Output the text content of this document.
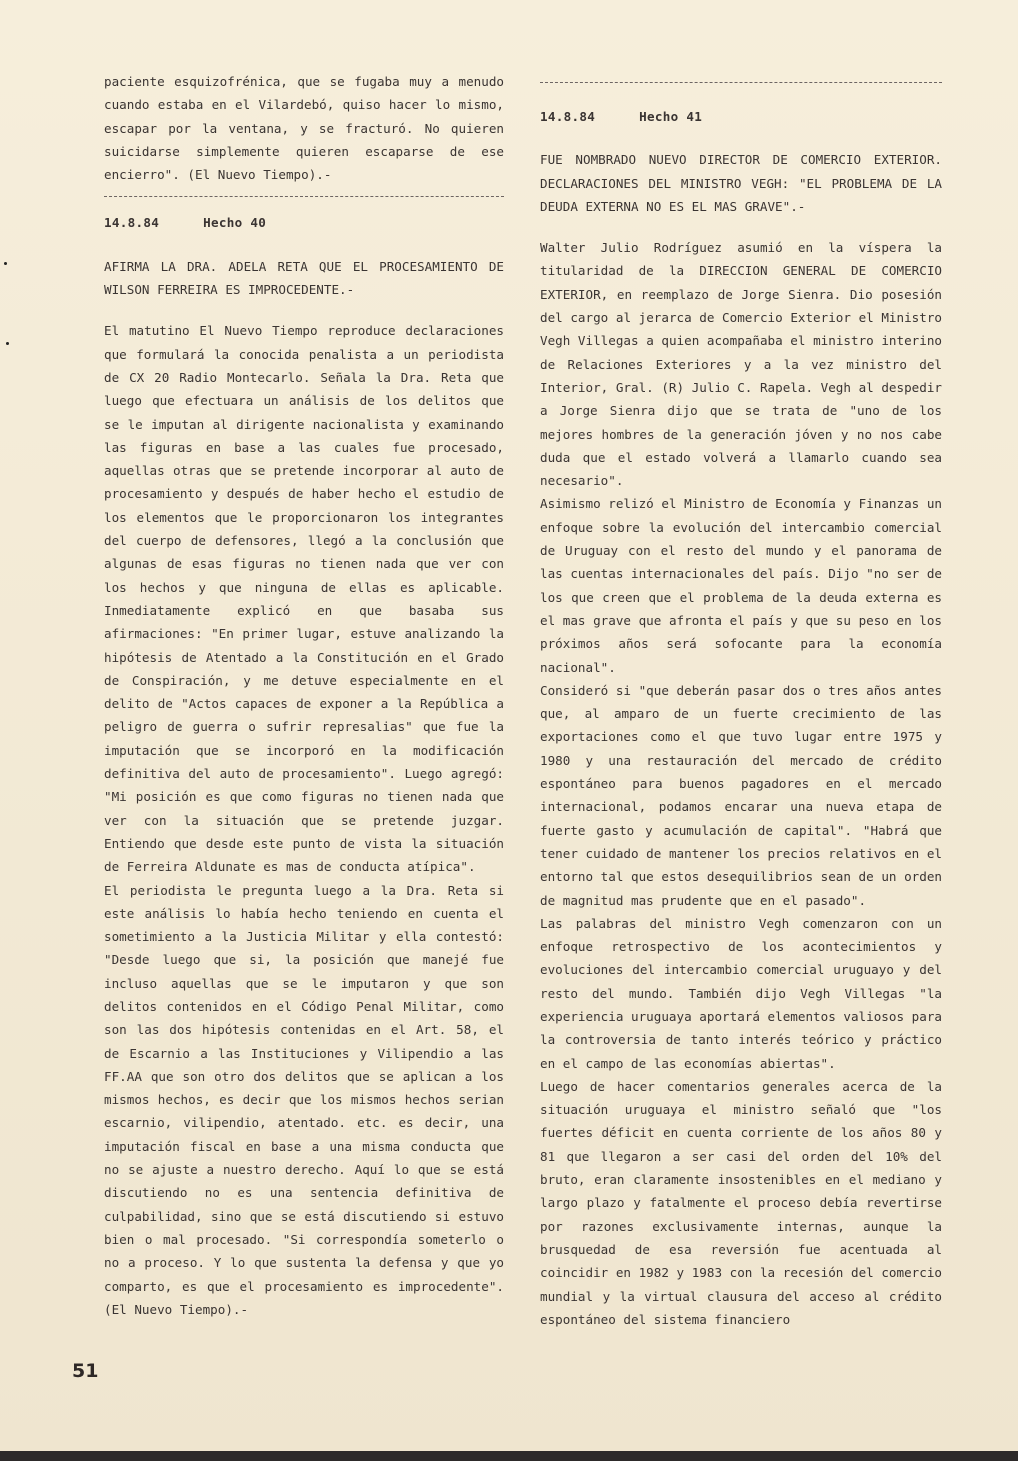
paciente esquizofrénica, que se fugaba muy a menudo cuando estaba en el Vilardebó, quiso hacer lo mismo, escapar por la ventana, y se fracturó. No quieren suicidarse simplemente quieren escaparse de ese encierro". (El Nuevo Tiempo).-

14.8.84	Hecho 40

AFIRMA LA DRA. ADELA RETA QUE EL PROCESAMIENTO DE WILSON FERREIRA ES IMPROCEDENTE.-

El matutino El Nuevo Tiempo reproduce declaraciones que formulará la conocida penalista a un periodista de CX 20 Radio Montecarlo. Señala la Dra. Reta que luego que efectuara un análisis de los delitos que se le imputan al dirigente nacionalista y examinando las figuras en base a las cuales fue procesado, aquellas otras que se pretende incorporar al auto de procesamiento y después de haber hecho el estudio de los elementos que le proporcionaron los integrantes del cuerpo de defensores, llegó a la conclusión que algunas de esas figuras no tienen nada que ver con los hechos y que ninguna de ellas es aplicable. Inmediatamente explicó en que basaba sus afirmaciones: "En primer lugar, estuve analizando la hipótesis de Atentado a la Constitución en el Grado de Conspiración, y me detuve especialmente en el delito de "Actos capaces de exponer a la República a peligro de guerra o sufrir represalias" que fue la imputación que se incorporó en la modificación definitiva del auto de procesamiento". Luego agregó: "Mi posición es que como figuras no tienen nada que ver con la situación que se pretende juzgar. Entiendo que desde este punto de vista la situación de Ferreira Aldunate es mas de conducta atípica".

El periodista le pregunta luego a la Dra. Reta si este análisis lo había hecho teniendo en cuenta el sometimiento a la Justicia Militar y ella contestó: "Desde luego que si, la posición que manejé fue incluso aquellas que se le imputaron y que son delitos contenidos en el Código Penal Militar, como son las dos hipótesis contenidas en el Art. 58, el de Escarnio a las Instituciones y Vilipendio a las FF.AA que son otro dos delitos que se aplican a los mismos hechos, es decir que los mismos hechos serian escarnio, vilipendio, atentado. etc. es decir, una imputación fiscal en base a una misma conducta que no se ajuste a nuestro derecho. Aquí lo que se está discutiendo no es una sentencia definitiva de culpabilidad, sino que se está discutiendo si estuvo bien o mal procesado. "Si correspondía someterlo o no a proceso. Y lo que sustenta la defensa y que yo comparto, es que el procesamiento es improcedente". (El Nuevo Tiempo).-

14.8.84	Hecho 41

FUE NOMBRADO NUEVO DIRECTOR DE COMERCIO EXTERIOR. DECLARACIONES DEL MINISTRO VEGH: "EL PROBLEMA DE LA DEUDA EXTERNA NO ES EL MAS GRAVE".-

Walter Julio Rodríguez asumió en la víspera la titularidad de la DIRECCION GENERAL DE COMERCIO EXTERIOR, en reemplazo de Jorge Sienra. Dio posesión del cargo al jerarca de Comercio Exterior el Ministro Vegh Villegas a quien acompañaba el ministro interino de Relaciones Exteriores y a la vez ministro del Interior, Gral. (R) Julio C. Rapela. Vegh al despedir a Jorge Sienra dijo que se trata de "uno de los mejores hombres de la generación jóven y no nos cabe duda que el estado volverá a llamarlo cuando sea necesario".

Asimismo relizó el Ministro de Economía y Finanzas un enfoque sobre la evolución del intercambio comercial de Uruguay con el resto del mundo y el panorama de las cuentas internacionales del país. Dijo "no ser de los que creen que el problema de la deuda externa es el mas grave que afronta el país y que su peso en los próximos años será sofocante para la economía nacional".

Consideró si "que deberán pasar dos o tres años antes que, al amparo de un fuerte crecimiento de las exportaciones como el que tuvo lugar entre 1975 y 1980 y una restauración del mercado de crédito espontáneo para buenos pagadores en el mercado internacional, podamos encarar una nueva etapa de fuerte gasto y acumulación de capital". "Habrá que tener cuidado de mantener los precios relativos en el entorno tal que estos desequilibrios sean de un orden de magnitud mas prudente que en el pasado".

Las palabras del ministro Vegh comenzaron con un enfoque retrospectivo de los acontecimientos y evoluciones del intercambio comercial uruguayo y del resto del mundo. También dijo Vegh Villegas "la experiencia uruguaya aportará elementos valiosos para la controversia de tanto interés teórico y práctico en el campo de las economías abiertas".

Luego de hacer comentarios generales acerca de la situación uruguaya el ministro señaló que "los fuertes déficit en cuenta corriente de los años 80 y 81 que llegaron a ser casi del orden del 10% del bruto, eran claramente insostenibles en el mediano y largo plazo y fatalmente el proceso debía revertirse por razones exclusivamente internas, aunque la brusquedad de esa reversión fue acentuada al coincidir en 1982 y 1983 con la recesión del comercio mundial y la virtual clausura del acceso al crédito espontáneo del sistema financiero

51
